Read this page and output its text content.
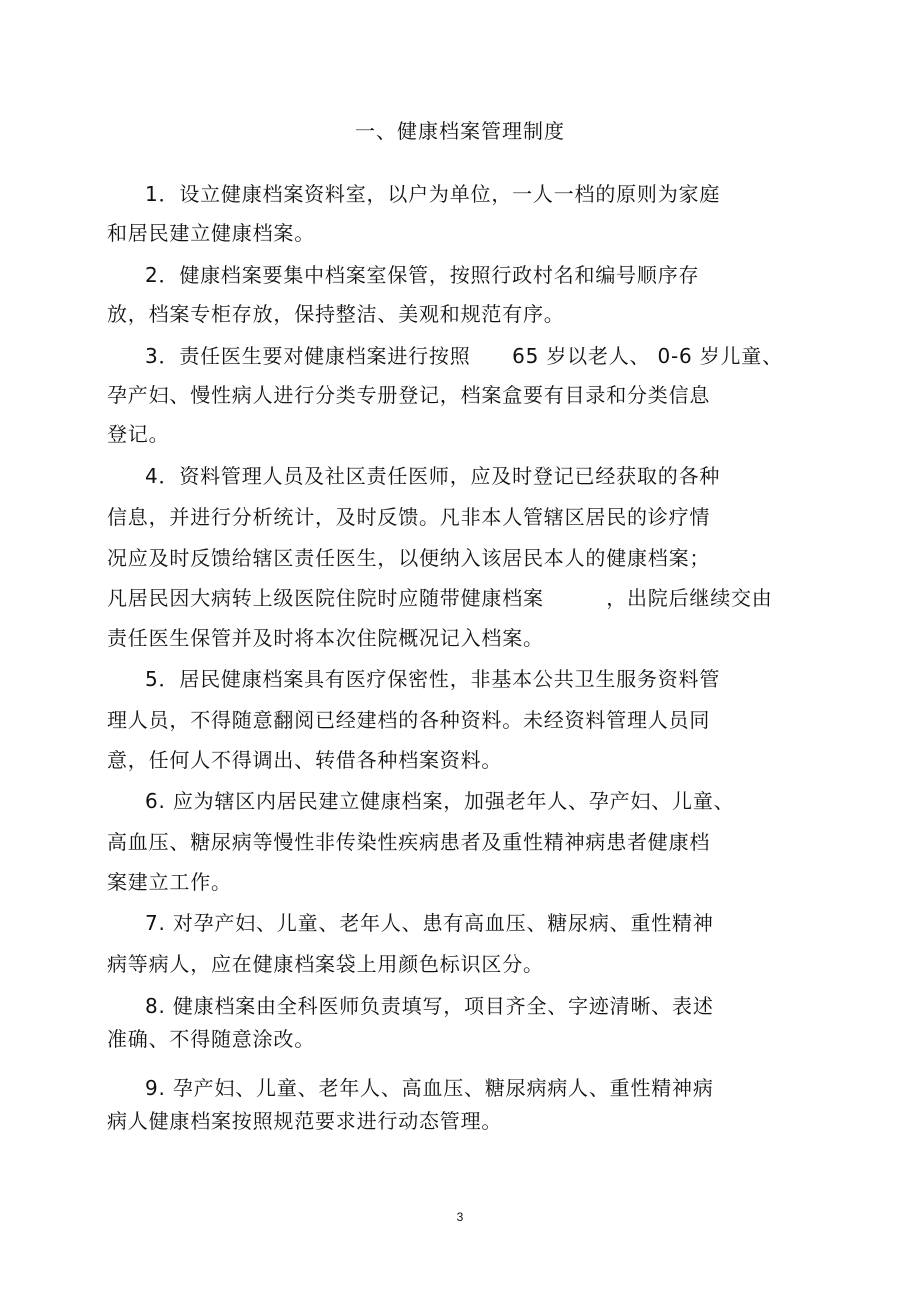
一、健康档案管理制度
1．设立健康档案资料室，以户为单位，一人一档的原则为家庭
和居民建立健康档案。
2．健康档案要集中档案室保管，按照行政村名和编号顺序存
放，档案专柜存放，保持整洁、美观和规范有序。
3．责任医生要对健康档案进行按照　　65 岁以老人、 0-6 岁儿童、
孕产妇、慢性病人进行分类专册登记，档案盒要有目录和分类信息
登记。
4．资料管理人员及社区责任医师，应及时登记已经获取的各种
信息，并进行分析统计，及时反馈。凡非本人管辖区居民的诊疗情
况应及时反馈给辖区责任医生，以便纳入该居民本人的健康档案；
凡居民因大病转上级医院住院时应随带健康档案　　　，出院后继续交由
责任医生保管并及时将本次住院概况记入档案。
5．居民健康档案具有医疗保密性，非基本公共卫生服务资料管
理人员，不得随意翻阅已经建档的各种资料。未经资料管理人员同
意，任何人不得调出、转借各种档案资料。
6. 应为辖区内居民建立健康档案，加强老年人、孕产妇、儿童、
高血压、糖尿病等慢性非传染性疾病患者及重性精神病患者健康档
案建立工作。
7. 对孕产妇、儿童、老年人、患有高血压、糖尿病、重性精神
病等病人，应在健康档案袋上用颜色标识区分。
8. 健康档案由全科医师负责填写，项目齐全、字迹清晰、表述
准确、不得随意涂改。
9. 孕产妇、儿童、老年人、高血压、糖尿病病人、重性精神病
病人健康档案按照规范要求进行动态管理。
3
